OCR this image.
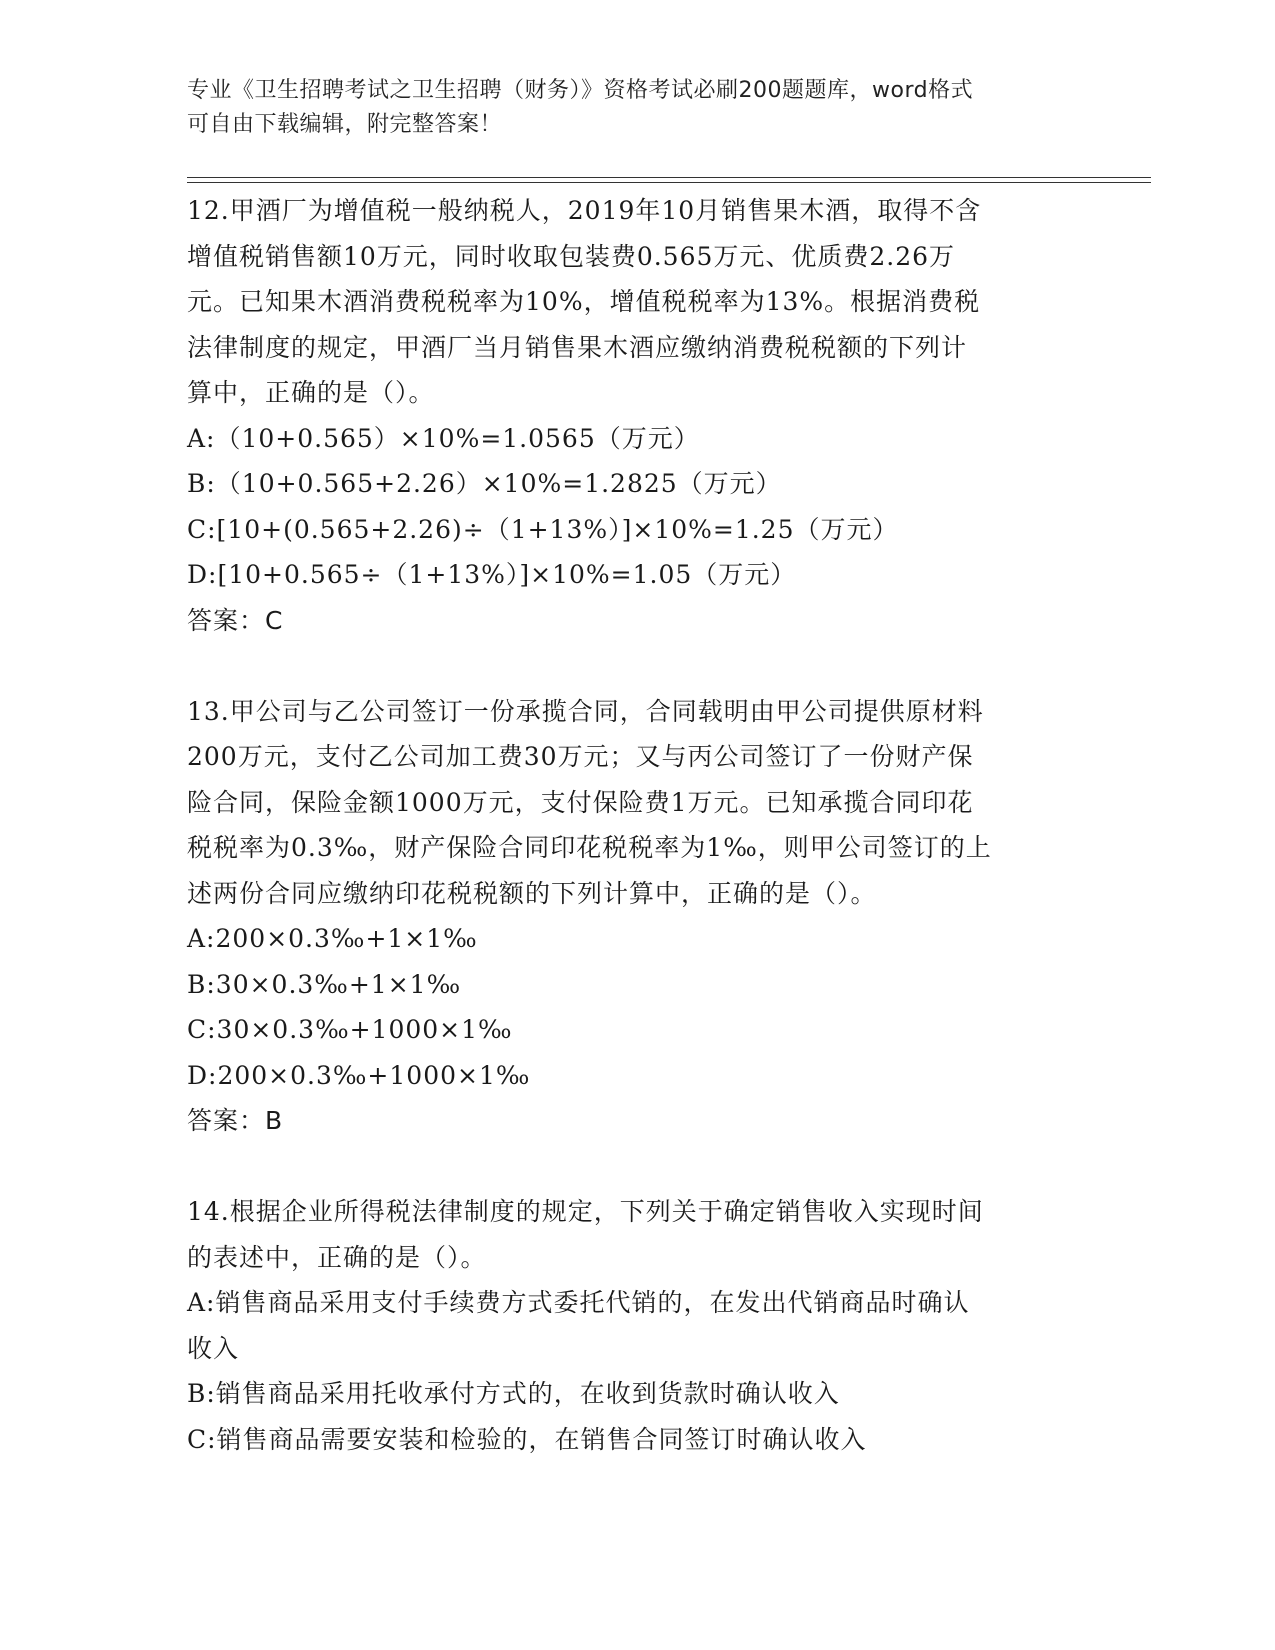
专业《卫生招聘考试之卫生招聘（财务）》资格考试必刷200题题库，word格式
可自由下载编辑，附完整答案！
12.甲酒厂为增值税一般纳税人，2019年10月销售果木酒，取得不含
增值税销售额10万元，同时收取包装费0.565万元、优质费2.26万
元。已知果木酒消费税税率为10%，增值税税率为13%。根据消费税
法律制度的规定，甲酒厂当月销售果木酒应缴纳消费税税额的下列计
算中，正确的是（）。
A:（10+0.565）×10%=1.0565（万元）
B:（10+0.565+2.26）×10%=1.2825（万元）
C:[10+(0.565+2.26)÷（1+13%）]×10%=1.25（万元）
D:[10+0.565÷（1+13%）]×10%=1.05（万元）
答案：C
13.甲公司与乙公司签订一份承揽合同，合同载明由甲公司提供原材料
200万元，支付乙公司加工费30万元；又与丙公司签订了一份财产保
险合同，保险金额1000万元，支付保险费1万元。已知承揽合同印花
税税率为0.3‰，财产保险合同印花税税率为1‰，则甲公司签订的上
述两份合同应缴纳印花税税额的下列计算中，正确的是（）。
A:200×0.3‰+1×1‰
B:30×0.3‰+1×1‰
C:30×0.3‰+1000×1‰
D:200×0.3‰+1000×1‰
答案：B
14.根据企业所得税法律制度的规定，下列关于确定销售收入实现时间
的表述中，正确的是（）。
A:销售商品采用支付手续费方式委托代销的，在发出代销商品时确认
收入
B:销售商品采用托收承付方式的，在收到货款时确认收入
C:销售商品需要安装和检验的，在销售合同签订时确认收入
